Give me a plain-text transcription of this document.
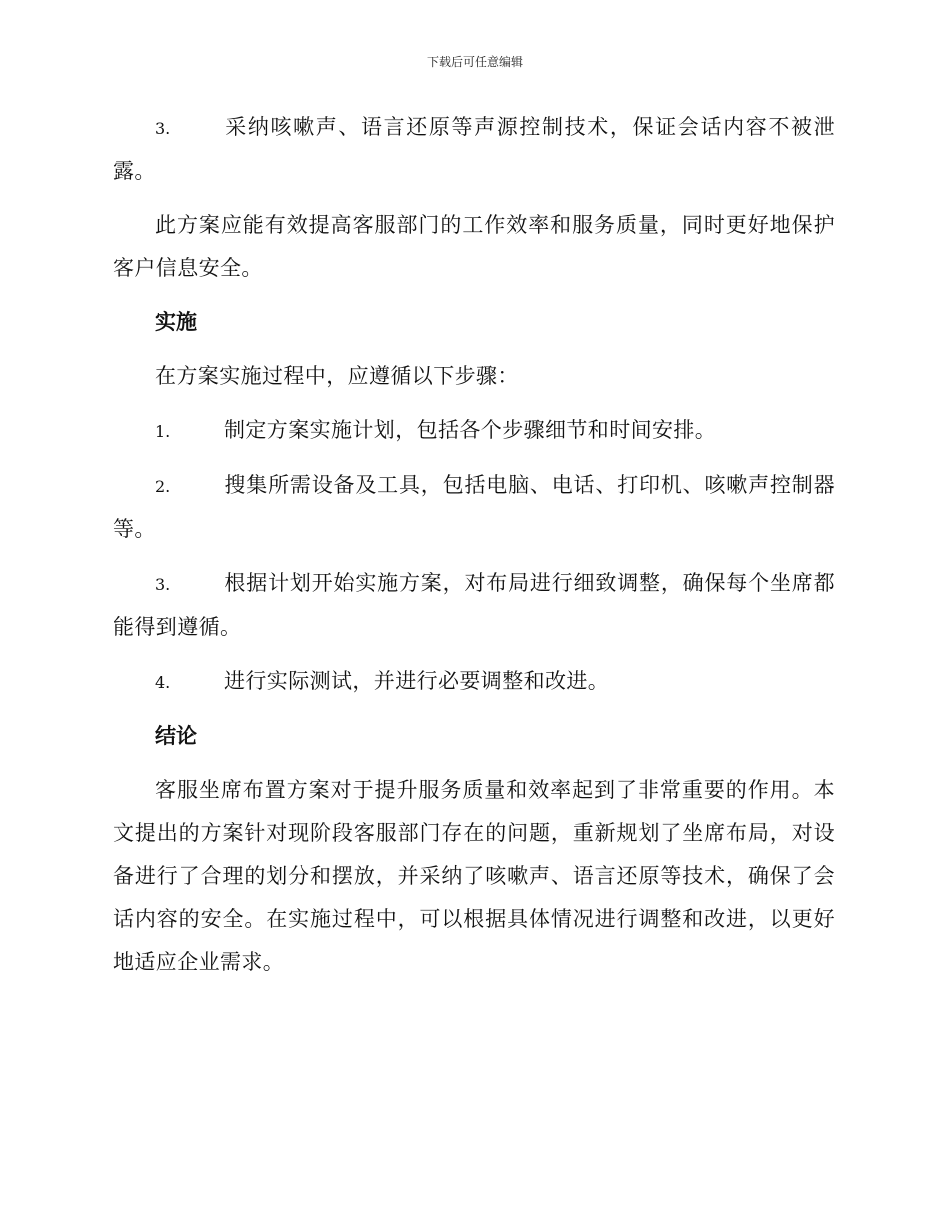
下载后可任意编辑

3.	采纳咳嗽声、语言还原等声源控制技术，保证会话内容不被泄露。

此方案应能有效提高客服部门的工作效率和服务质量，同时更好地保护客户信息安全。

实施

在方案实施过程中，应遵循以下步骤：

1.	制定方案实施计划，包括各个步骤细节和时间安排。

2.	搜集所需设备及工具，包括电脑、电话、打印机、咳嗽声控制器等。

3.	根据计划开始实施方案，对布局进行细致调整，确保每个坐席都能得到遵循。

4.	进行实际测试，并进行必要调整和改进。

结论

客服坐席布置方案对于提升服务质量和效率起到了非常重要的作用。本文提出的方案针对现阶段客服部门存在的问题，重新规划了坐席布局，对设备进行了合理的划分和摆放，并采纳了咳嗽声、语言还原等技术，确保了会话内容的安全。在实施过程中，可以根据具体情况进行调整和改进，以更好地适应企业需求。
